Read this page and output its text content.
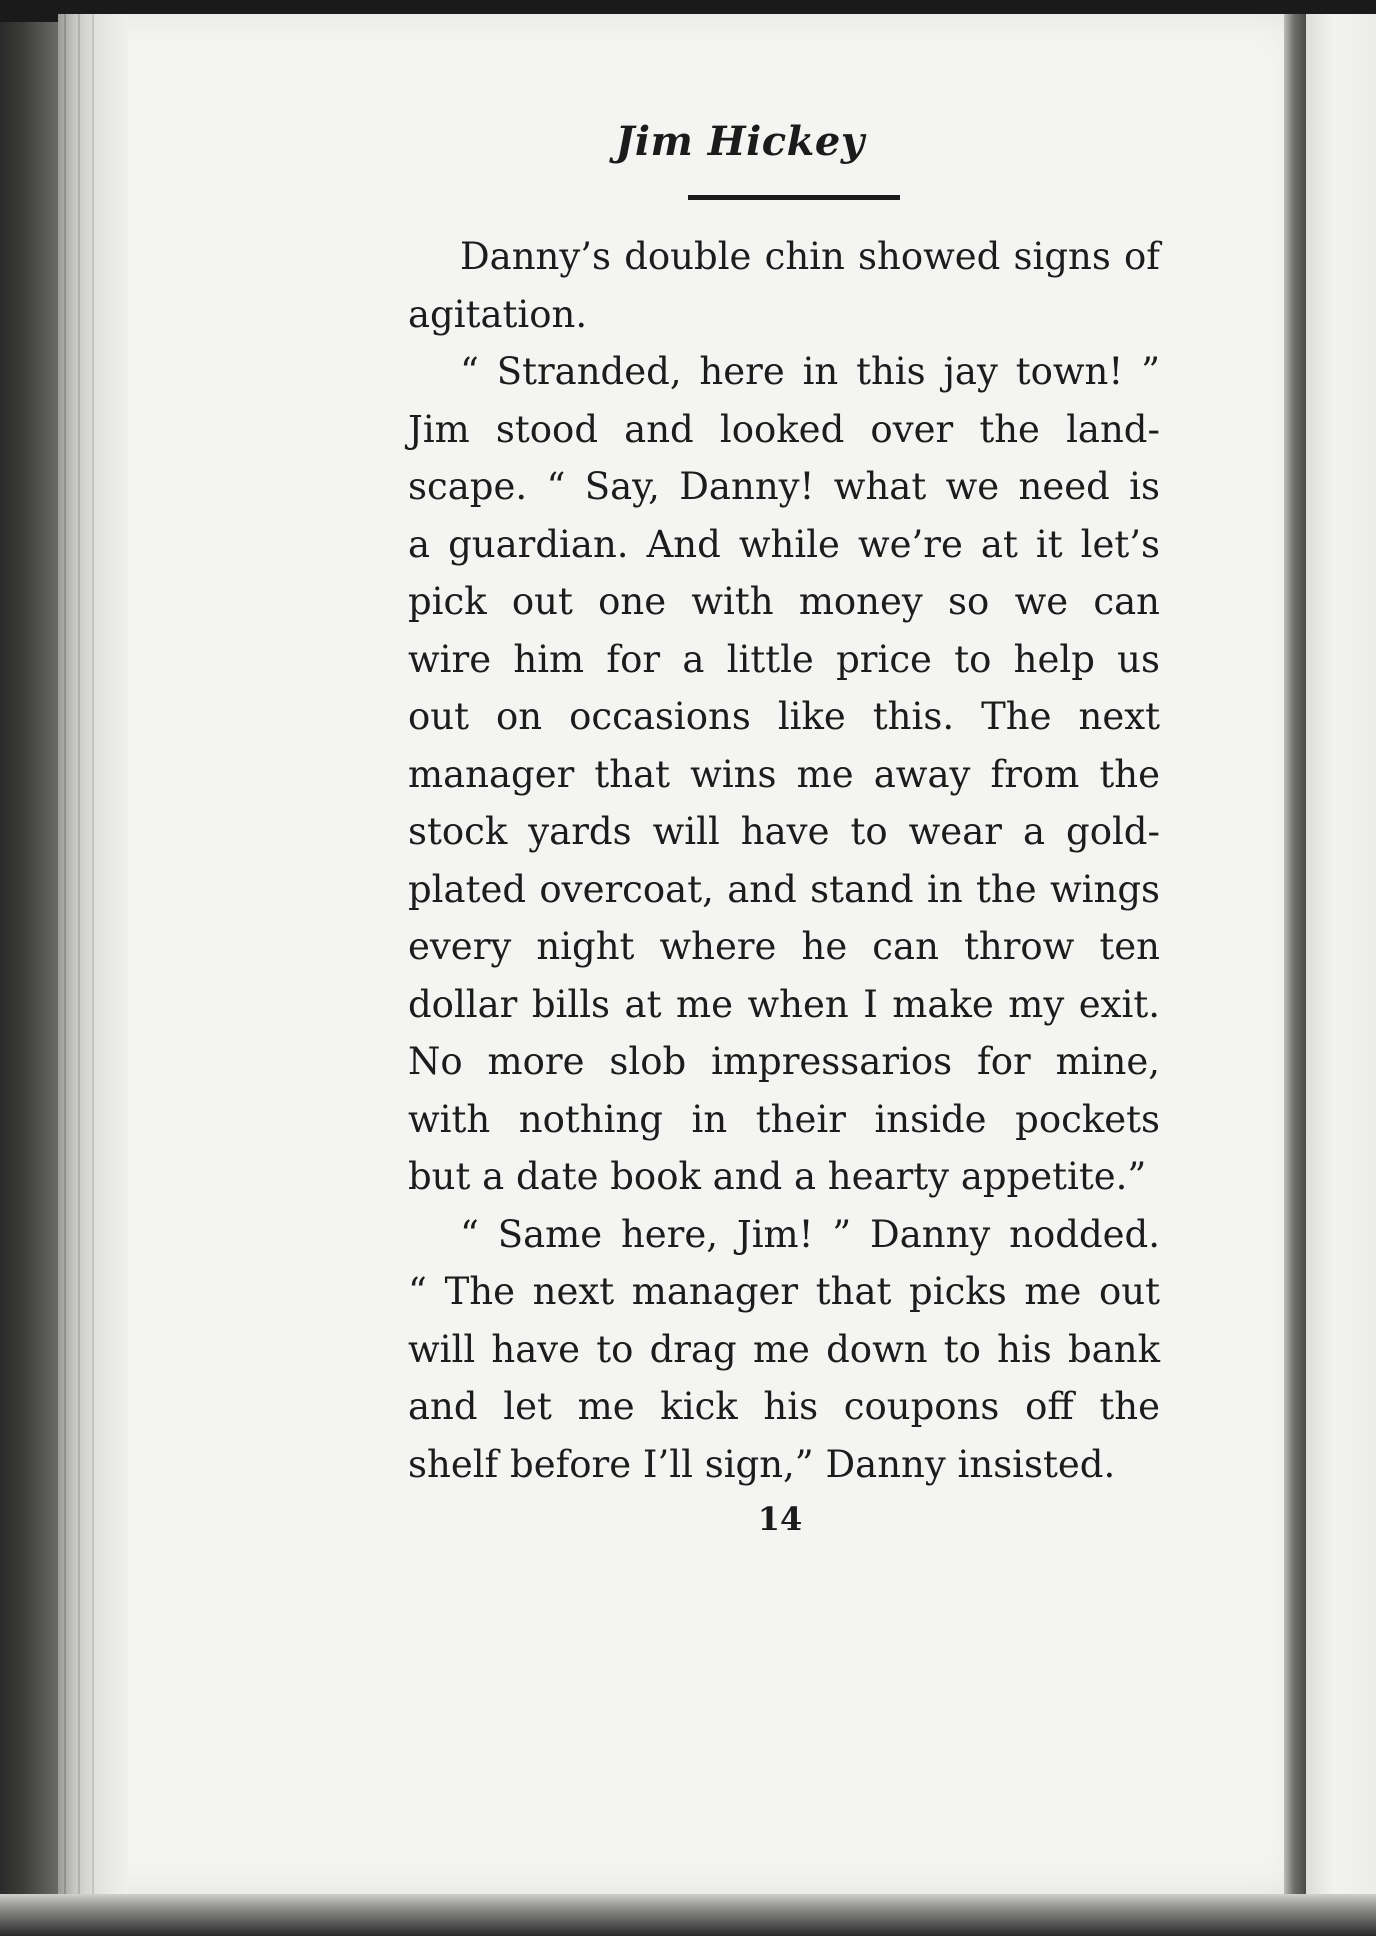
Jim Hickey
Danny’s double chin showed signs of
agitation.
“ Stranded, here in this jay town! ”
Jim stood and looked over the land-
scape. “ Say, Danny! what we need is
a guardian. And while we’re at it let’s
pick out one with money so we can
wire him for a little price to help us
out on occasions like this. The next
manager that wins me away from the
stock yards will have to wear a gold-
plated overcoat, and stand in the wings
every night where he can throw ten
dollar bills at me when I make my exit.
No more slob impressarios for mine,
with nothing in their inside pockets
but a date book and a hearty appetite.”
“ Same here, Jim! ” Danny nodded.
“ The next manager that picks me out
will have to drag me down to his bank
and let me kick his coupons off the
shelf before I’ll sign,” Danny insisted.

14
